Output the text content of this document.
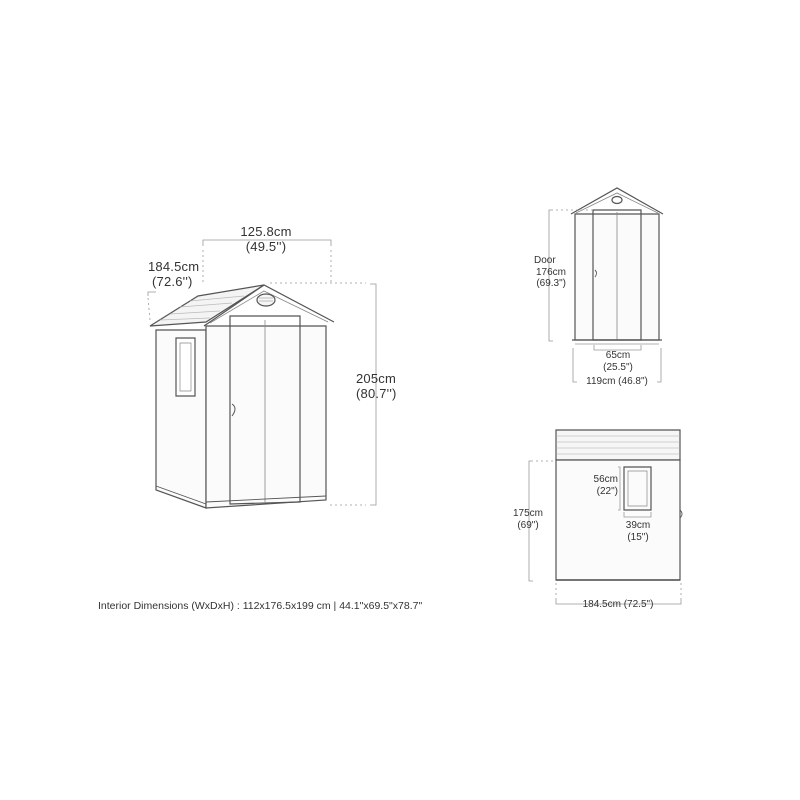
125.8cm
(49.5'')
184.5cm
(72.6'')
205cm
(80.7'')
Door
176cm
(69.3")
65cm
(25.5")
119cm (46.8")
56cm
(22")
39cm
(15")
175cm
(69")
184.5cm (72.5")
Interior Dimensions (WxDxH) : 112x176.5x199 cm | 44.1"x69.5"x78.7"
